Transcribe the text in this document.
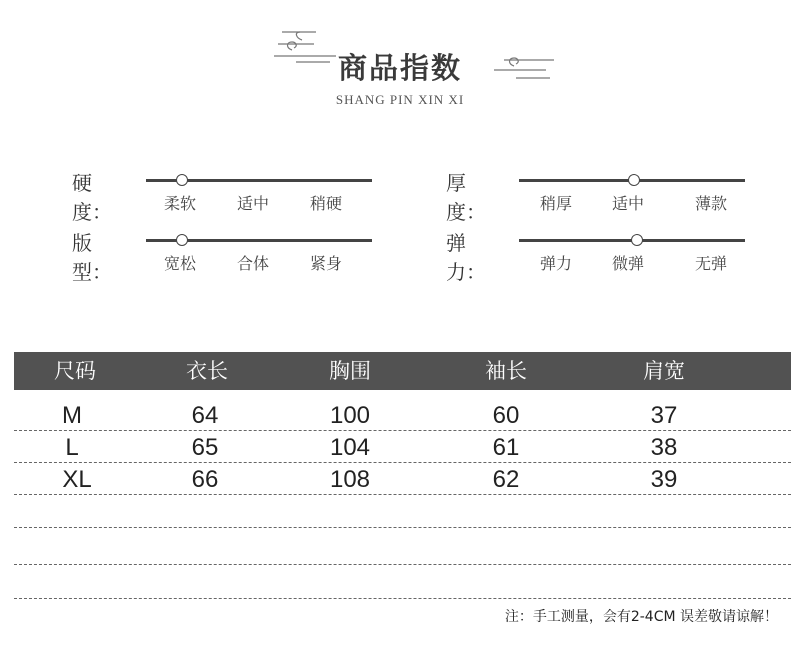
商品指数
SHANG PIN XIN XI
硬度：	柔软	适中	稍硬
厚度：	稍厚 适中	薄款
版型：	宽松	合体	紧身
弹力：	弹力 微弹	无弹
尺码	衣长	胸围	袖长	肩宽
M	64	100	60	37
L	65	104	61	38
XL	66	108	62	39
注：手工测量，会有2-4CM 误差敬请谅解！
